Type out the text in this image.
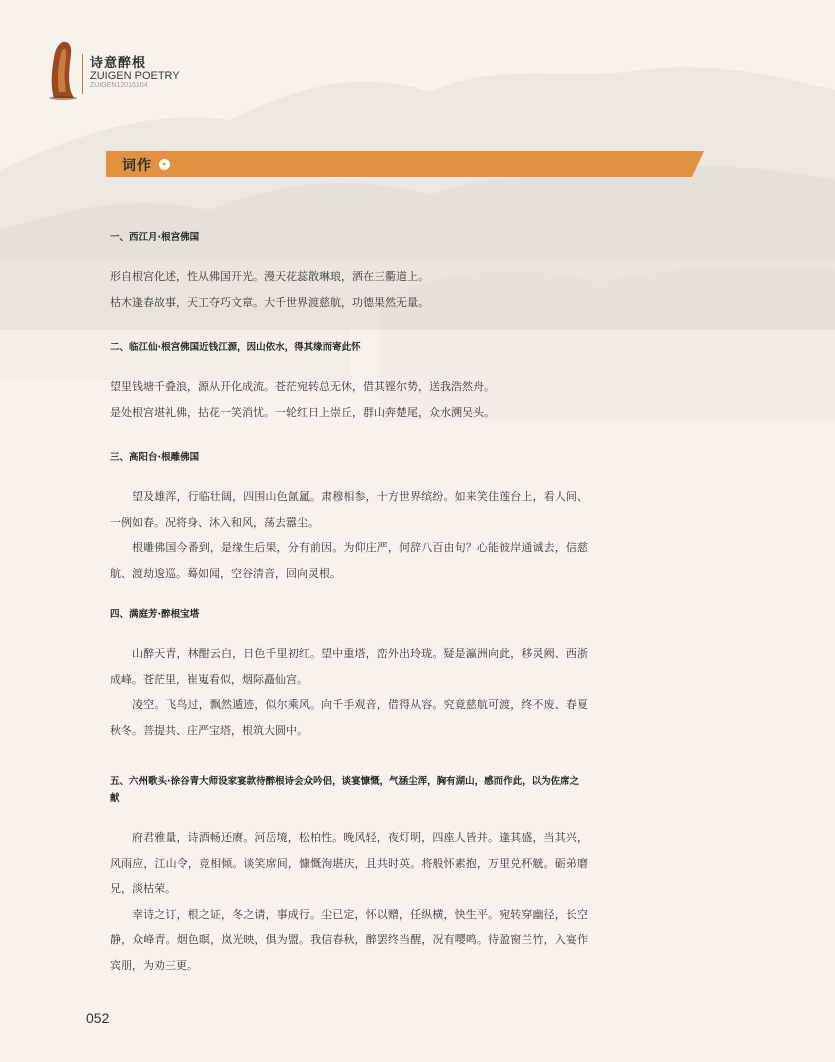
诗意醉根
ZUIGEN POETRY
ZUIGEN12016104
词作

一、西江月·根宫佛国

形自根宫化述，性从佛国开光。漫天花蕊散琳琅，洒在三衢道上。

枯木逢春故事，天工夺巧文章。大千世界渡慈航，功德果然无量。

二、临江仙·根宫佛国近钱江源，因山依水，得其缘而寄此怀

望里钱塘千叠浪，源从开化成流。苍茫宛转总无休，借其铿尔势，送我浩然舟。

是处根宫堪礼佛，拈花一笑消忧。一轮红日上崇丘，群山奔楚尾，众水溯吴头。

三、高阳台·根雕佛国

望及雄浑，行临壮阔，四围山色氤氲。肃穆相参，十方世界缤纷。如来笑住莲台上，看人间、一例如春。况将身、沐入和风，荡去嚣尘。

根雕佛国今番到，是缘生后果，分有前因。为仰庄严，何辞八百由旬？心能彼岸通诚去，信慈航、渡劫逡巡。蓦如闻，空谷清音，回向灵根。

四、满庭芳·醉根宝塔

山醉天青，林酣云白，日色千里初红。望中重塔，峦外出玲珑。疑是瀛洲向此，移灵阙、西浙成峰。苍茫里，崔嵬看似，烟际矗仙宫。

凌空。飞鸟过，飘然遁迹，似尔乘风。向千手观音，借得从容。究竟慈航可渡，终不废、春夏秋冬。菩提共、庄严宝塔，根筑大圆中。

五、六州歌头·徐谷青大师设家宴款待醉根诗会众吟侣，谈宴慷慨，气涵尘浑，胸有湖山，感而作此，以为佐席之献

府君雅量，诗酒畅还赓。河岳境，松柏性。晚风轻，夜灯明，四座人皆并。逢其盛，当其兴，风雨应，江山令，竞相倾。谈笑席间，慷慨洵堪庆，且共时英。将般怀素抱，万里兑杯觥。砺弟磨兄，淡枯荣。

幸诗之订，根之证，冬之请，事成行。尘已定，怀以赠，任纵横，快生平。宛转穿幽径，长空静，众峰青。烟色暝，岚光映，俱为盟。我信春秋，醉罢终当醒，况有嘤鸣。待盈窗兰竹，入宴作宾朋，为劝三更。

052
